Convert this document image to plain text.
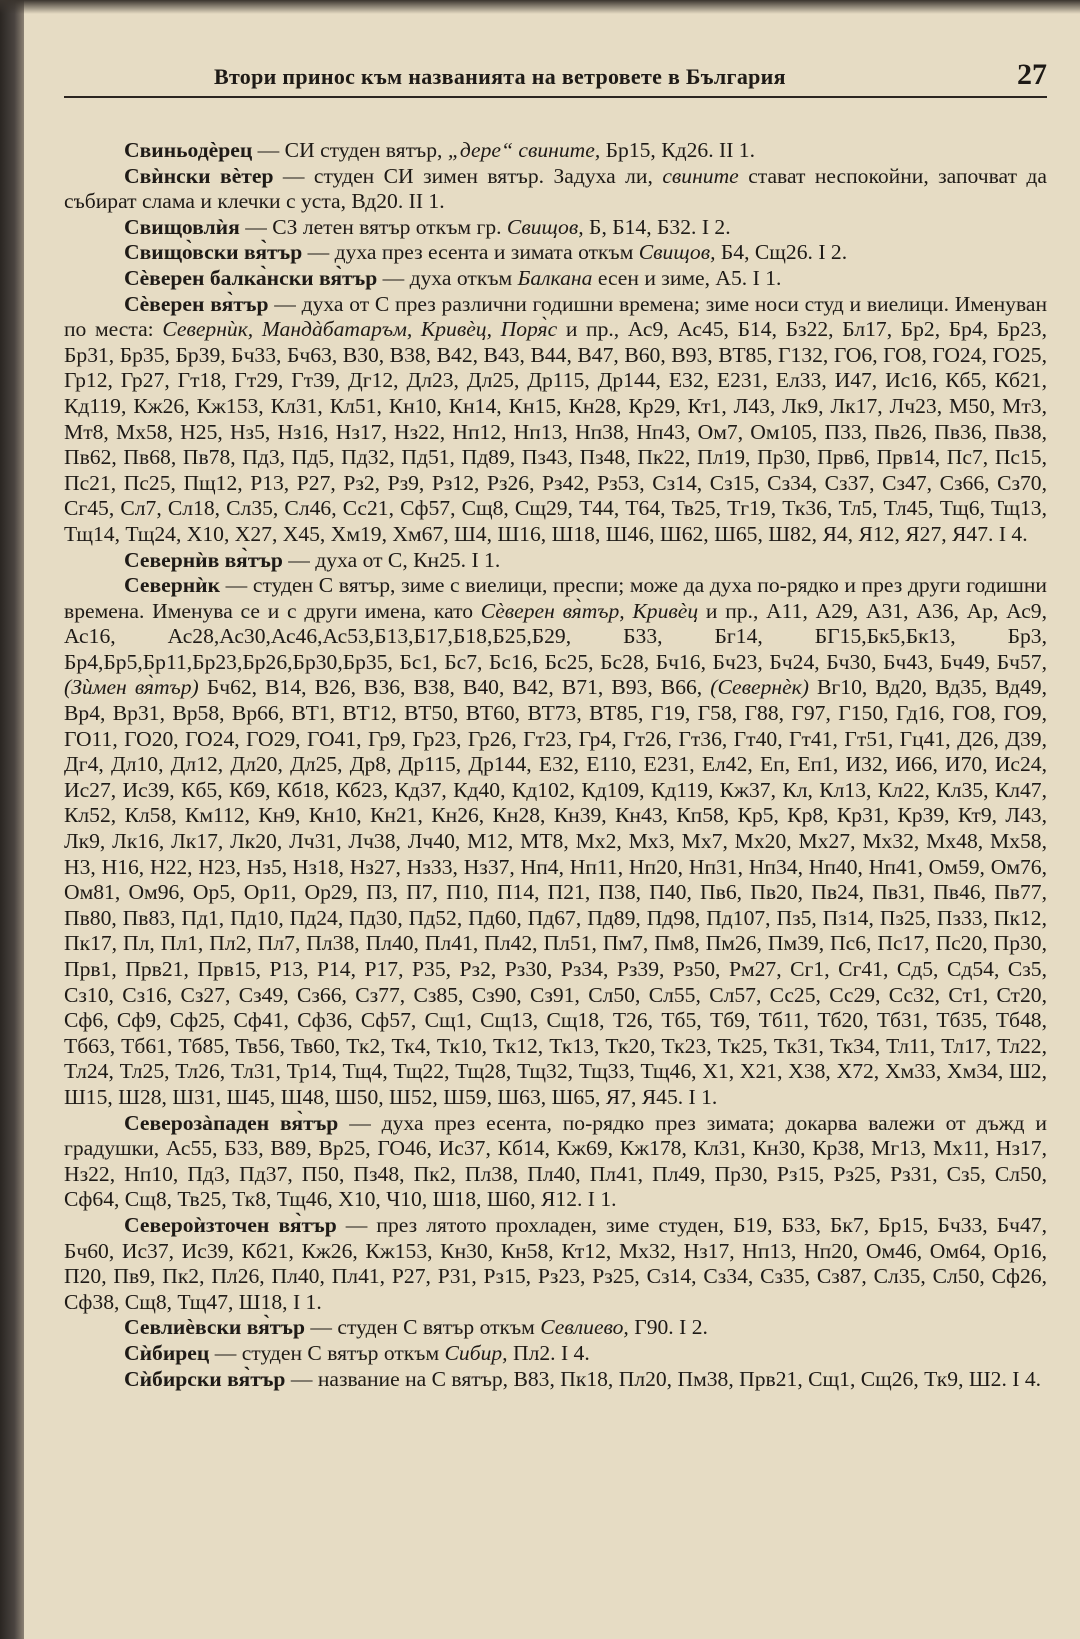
Втори принос към названията на ветровете в България	27

Свиньодѐрец — СИ студен вятър, „дере“ свините, Бр15, Кд26. II 1.

Свѝнски вѐтер — студен СИ зимен вятър. Задуха ли, свините стават неспокойни, започват да събират слама и клечки с уста, Вд20. II 1.

Свищовлѝя — СЗ летен вятър откъм гр. Свищов, Б, Б14, Б32. I 2.

Свищо̀вски вя̀тър — духа през есента и зимата откъм Свищов, Б4, Сщ26. I 2.

Сѐверен балка̀нски вя̀тър — духа откъм Балкана есен и зиме, А5. I 1.

Сѐверен вя̀тър — духа от С през различни годишни времена; зиме носи студ и виелици. Именуван по места: Севернѝк, Мандàбатаръм, Кривèц, Поря̀с и пр., Ас9, Ас45, Б14, Бз22, Бл17, Бр2, Бр4, Бр23, Бр31, Бр35, Бр39, Бч33, Бч63, В30, В38, В42, В43, В44, В47, В60, В93, ВТ85, Г132, ГО6, ГО8, ГО24, ГО25, Гр12, Гр27, Гт18, Гт29, Гт39, Дг12, Дл23, Дл25, Др115, Др144, Е32, Е231, Ел33, И47, Ис16, Кб5, Кб21, Кд119, Кж26, Кж153, Кл31, Кл51, Кн10, Кн14, Кн15, Кн28, Кр29, Кт1, Л43, Лк9, Лк17, Лч23, М50, Мт3, Мт8, Мх58, Н25, Нз5, Нз16, Нз17, Нз22, Нп12, Нп13, Нп38, Нп43, Ом7, Ом105, П33, Пв26, Пв36, Пв38, Пв62, Пв68, Пв78, Пд3, Пд5, Пд32, Пд51, Пд89, Пз43, Пз48, Пк22, Пл19, Пр30, Прв6, Прв14, Пс7, Пс15, Пс21, Пс25, Пщ12, Р13, Р27, Рз2, Рз9, Рз12, Рз26, Рз42, Рз53, Сз14, Сз15, Сз34, Сз37, Сз47, Сз66, Сз70, Сг45, Сл7, Сл18, Сл35, Сл46, Сс21, Сф57, Сщ8, Сщ29, Т44, Т64, Тв25, Тг19, Тк36, Тл5, Тл45, Тщ6, Тщ13, Тщ14, Тщ24, Х10, Х27, Х45, Хм19, Хм67, Ш4, Ш16, Ш18, Ш46, Ш62, Ш65, Ш82, Я4, Я12, Я27, Я47. I 4.

Севернѝв вя̀тър — духа от С, Кн25. I 1.

Севернѝк — студен С вятър, зиме с виелици, преспи; може да духа по-рядко и през други годишни времена. Именува се и с други имена, като Сѐверен вя̀тър, Кривѐц и пр., А11, А29, А31, А36, Ар, Ас9, Ас16, Ас28,Ас30,Ас46,Ас53,Б13,Б17,Б18,Б25,Б29, Б33, Бг14, БГ15,Бк5,Бк13, Бр3, Бр4,Бр5,Бр11,Бр23,Бр26,Бр30,Бр35, Бс1, Бс7, Бс16, Бс25, Бс28, Бч16, Бч23, Бч24, Бч30, Бч43, Бч49, Бч57, (Зѝмен вя̀тър) Бч62, В14, В26, В36, В38, В40, В42, В71, В93, В66, (Севернèк) Вг10, Вд20, Вд35, Вд49, Вр4, Вр31, Вр58, Вр66, ВТ1, ВТ12, ВТ50, ВТ60, ВТ73, ВТ85, Г19, Г58, Г88, Г97, Г150, Гд16, ГО8, ГО9, ГО11, ГО20, ГО24, ГО29, ГО41, Гр9, Гр23, Гр26, Гт23, Гр4, Гт26, Гт36, Гт40, Гт41, Гт51, Гц41, Д26, Д39, Дг4, Дл10, Дл12, Дл20, Дл25, Др8, Др115, Др144, Е32, Е110, Е231, Ел42, Еп, Еп1, И32, И66, И70, Ис24, Ис27, Ис39, Кб5, Кб9, Кб18, Кб23, Кд37, Кд40, Кд102, Кд109, Кд119, Кж37, Кл, Кл13, Кл22, Кл35, Кл47, Кл52, Кл58, Км112, Кн9, Кн10, Кн21, Кн26, Кн28, Кн39, Кн43, Кп58, Кр5, Кр8, Кр31, Кр39, Кт9, Л43, Лк9, Лк16, Лк17, Лк20, Лч31, Лч38, Лч40, М12, МТ8, Мх2, Мх3, Мх7, Мх20, Мх27, Мх32, Мх48, Мх58, Н3, Н16, Н22, Н23, Нз5, Нз18, Нз27, Нз33, Нз37, Нп4, Нп11, Нп20, Нп31, Нп34, Нп40, Нп41, Ом59, Ом76, Ом81, Ом96, Ор5, Ор11, Ор29, П3, П7, П10, П14, П21, П38, П40, Пв6, Пв20, Пв24, Пв31, Пв46, Пв77, Пв80, Пв83, Пд1, Пд10, Пд24, Пд30, Пд52, Пд60, Пд67, Пд89, Пд98, Пд107, Пз5, Пз14, Пз25, Пз33, Пк12, Пк17, Пл, Пл1, Пл2, Пл7, Пл38, Пл40, Пл41, Пл42, Пл51, Пм7, Пм8, Пм26, Пм39, Пс6, Пс17, Пс20, Пр30, Прв1, Прв21, Прв15, Р13, Р14, Р17, Р35, Рз2, Рз30, Рз34, Рз39, Рз50, Рм27, Сг1, Сг41, Сд5, Сд54, Сз5, Сз10, Сз16, Сз27, Сз49, Сз66, Сз77, Сз85, Сз90, Сз91, Сл50, Сл55, Сл57, Сс25, Сс29, Сс32, Ст1, Ст20, Сф6, Сф9, Сф25, Сф41, Сф36, Сф57, Сщ1, Сщ13, Сщ18, Т26, Тб5, Тб9, Тб11, Тб20, Тб31, Тб35, Тб48, Тб63, Тб61, Тб85, Тв56, Тв60, Тк2, Тк4, Тк10, Тк12, Тк13, Тк20, Тк23, Тк25, Тк31, Тк34, Тл11, Тл17, Тл22, Тл24, Тл25, Тл26, Тл31, Тр14, Тщ4, Тщ22, Тщ28, Тщ32, Тщ33, Тщ46, Х1, Х21, Х38, Х72, Хм33, Хм34, Ш2, Ш15, Ш28, Ш31, Ш45, Ш48, Ш50, Ш52, Ш59, Ш63, Ш65, Я7, Я45. I 1.

Северозàпаден вя̀тър — духа през есента, по-рядко през зимата; докарва валежи от дъжд и градушки, Ас55, Б33, В89, Вр25, ГО46, Ис37, Кб14, Кж69, Кж178, Кл31, Кн30, Кр38, Мг13, Мх11, Нз17, Нз22, Нп10, Пд3, Пд37, П50, Пз48, Пк2, Пл38, Пл40, Пл41, Пл49, Пр30, Рз15, Рз25, Рз31, Сз5, Сл50, Сф64, Сщ8, Тв25, Тк8, Тщ46, Х10, Ч10, Ш18, Ш60, Я12. I 1.

Североѝзточен вя̀тър — през лятото прохладен, зиме студен, Б19, Б33, Бк7, Бр15, Бч33, Бч47, Бч60, Ис37, Ис39, Кб21, Кж26, Кж153, Кн30, Кн58, Кт12, Мх32, Нз17, Нп13, Нп20, Ом46, Ом64, Ор16, П20, Пв9, Пк2, Пл26, Пл40, Пл41, Р27, Р31, Рз15, Рз23, Рз25, Сз14, Сз34, Сз35, Сз87, Сл35, Сл50, Сф26, Сф38, Сщ8, Тщ47, Ш18, I 1.

Севлиѐвски вя̀тър — студен С вятър откъм Севлиево, Г90. I 2.

Сѝбирец — студен С вятър откъм Сибир, Пл2. I 4.

Сѝбирски вя̀тър — название на С вятър, В83, Пк18, Пл20, Пм38, Прв21, Сщ1, Сщ26, Тк9, Ш2. I 4.
